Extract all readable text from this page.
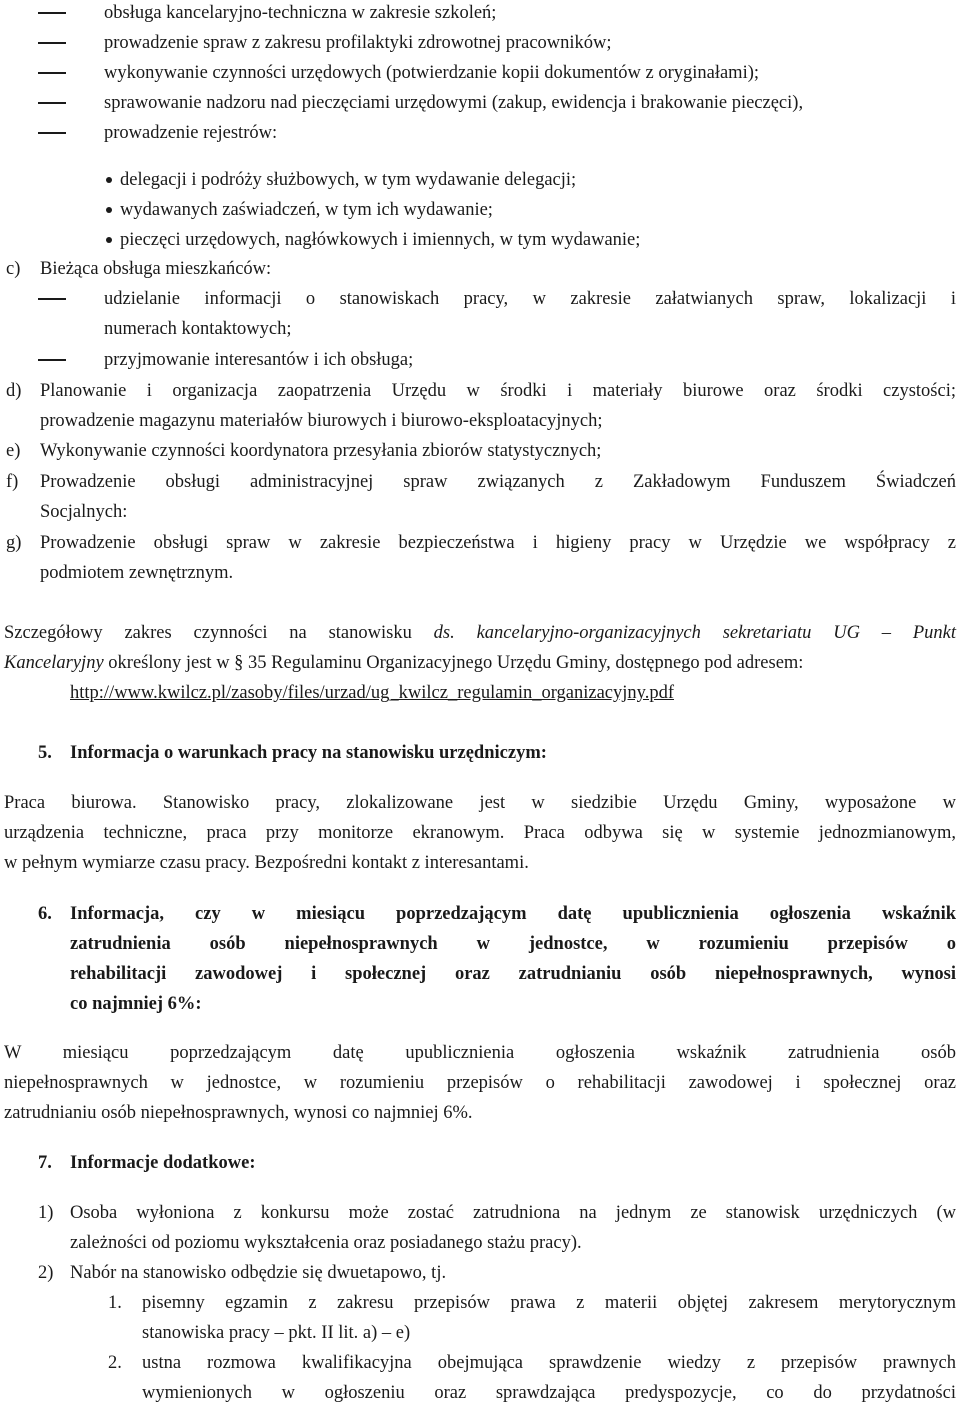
obsługa kancelaryjno-techniczna w zakresie szkoleń;
prowadzenie spraw z zakresu profilaktyki zdrowotnej pracowników;
wykonywanie czynności urzędowych (potwierdzanie kopii dokumentów z oryginałami);
sprawowanie nadzoru nad pieczęciami urzędowymi (zakup, ewidencja i brakowanie pieczęci),
prowadzenie rejestrów:
delegacji i podróży służbowych, w tym wydawanie delegacji;
wydawanych zaświadczeń, w tym ich wydawanie;
pieczęci urzędowych, nagłówkowych i imiennych, w tym wydawanie;
c) Bieżąca obsługa mieszkańców:
udzielanie informacji o stanowiskach pracy, w zakresie załatwianych spraw, lokalizacji i
numerach kontaktowych;
przyjmowanie interesantów i ich obsługa;
d) Planowanie i organizacja zaopatrzenia Urzędu w środki i materiały biurowe oraz środki czystości;
prowadzenie magazynu materiałów biurowych i biurowo-eksploatacyjnych;
e) Wykonywanie czynności koordynatora przesyłania zbiorów statystycznych;
f) Prowadzenie obsługi administracyjnej spraw związanych z Zakładowym Funduszem Świadczeń
Socjalnych:
g) Prowadzenie obsługi spraw w zakresie bezpieczeństwa i higieny pracy w Urzędzie we współpracy z
podmiotem zewnętrznym.
Szczegółowy zakres czynności na stanowisku ds. kancelaryjno-organizacyjnych sekretariatu UG – Punkt
Kancelaryjny określony jest w § 35 Regulaminu Organizacyjnego Urzędu Gminy, dostępnego pod adresem:
http://www.kwilcz.pl/zasoby/files/urzad/ug_kwilcz_regulamin_organizacyjny.pdf
5. Informacja o warunkach pracy na stanowisku urzędniczym:
Praca biurowa. Stanowisko pracy, zlokalizowane jest w siedzibie Urzędu Gminy, wyposażone w
urządzenia techniczne, praca przy monitorze ekranowym. Praca odbywa się w systemie jednozmianowym,
w pełnym wymiarze czasu pracy. Bezpośredni kontakt z interesantami.
6. Informacja, czy w miesiącu poprzedzającym datę upublicznienia ogłoszenia wskaźnik
zatrudnienia osób niepełnosprawnych w jednostce, w rozumieniu przepisów o
rehabilitacji zawodowej i społecznej oraz zatrudnianiu osób niepełnosprawnych, wynosi
co najmniej 6%:
W miesiącu poprzedzającym datę upublicznienia ogłoszenia wskaźnik zatrudnienia osób
niepełnosprawnych w jednostce, w rozumieniu przepisów o rehabilitacji zawodowej i społecznej oraz
zatrudnianiu osób niepełnosprawnych, wynosi co najmniej 6%.
7. Informacje dodatkowe:
1) Osoba wyłoniona z konkursu może zostać zatrudniona na jednym ze stanowisk urzędniczych (w
zależności od poziomu wykształcenia oraz posiadanego stażu pracy).
2) Nabór na stanowisko odbędzie się dwuetapowo, tj.
1. pisemny egzamin z zakresu przepisów prawa z materii objętej zakresem merytorycznym
stanowiska pracy – pkt. II lit. a) – e)
2. ustna rozmowa kwalifikacyjna obejmująca sprawdzenie wiedzy z przepisów prawnych
wymienionych w ogłoszeniu oraz sprawdzająca predyspozycje, co do przydatności
